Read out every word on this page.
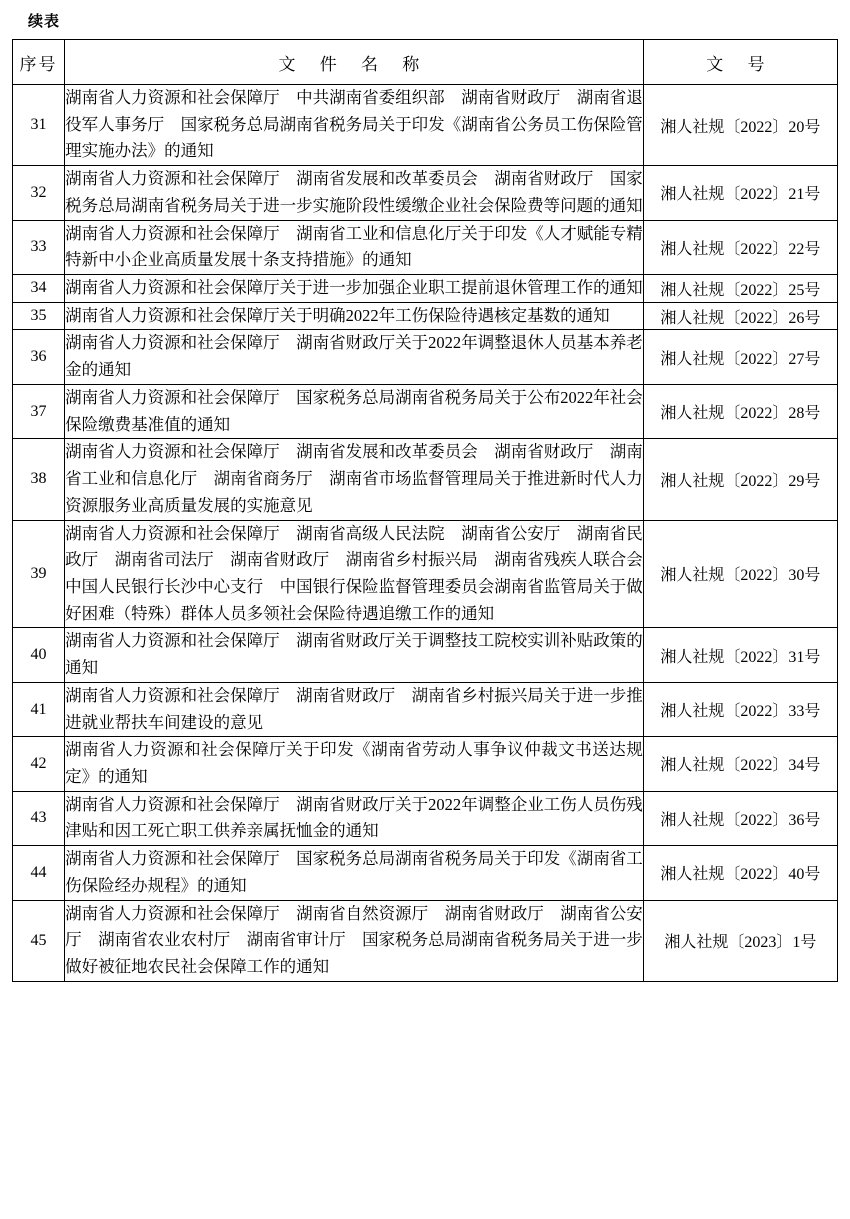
续表
序号	文 件 名 称	文 号
31	湖南省人力资源和社会保障厅　中共湖南省委组织部　湖南省财政厅　湖南省退役军人事务厅　国家税务总局湖南省税务局关于印发《湖南省公务员工伤保险管理实施办法》的通知	湘人社规〔2022〕20号
32	湖南省人力资源和社会保障厅　湖南省发展和改革委员会　湖南省财政厅　国家税务总局湖南省税务局关于进一步实施阶段性缓缴企业社会保险费等问题的通知	湘人社规〔2022〕21号
33	湖南省人力资源和社会保障厅　湖南省工业和信息化厅关于印发《人才赋能专精特新中小企业高质量发展十条支持措施》的通知	湘人社规〔2022〕22号
34	湖南省人力资源和社会保障厅关于进一步加强企业职工提前退休管理工作的通知	湘人社规〔2022〕25号
35	湖南省人力资源和社会保障厅关于明确2022年工伤保险待遇核定基数的通知	湘人社规〔2022〕26号
36	湖南省人力资源和社会保障厅　湖南省财政厅关于2022年调整退休人员基本养老金的通知	湘人社规〔2022〕27号
37	湖南省人力资源和社会保障厅　国家税务总局湖南省税务局关于公布2022年社会保险缴费基准值的通知	湘人社规〔2022〕28号
38	湖南省人力资源和社会保障厅　湖南省发展和改革委员会　湖南省财政厅　湖南省工业和信息化厅　湖南省商务厅　湖南省市场监督管理局关于推进新时代人力资源服务业高质量发展的实施意见	湘人社规〔2022〕29号
39	湖南省人力资源和社会保障厅　湖南省高级人民法院　湖南省公安厅　湖南省民政厅　湖南省司法厅　湖南省财政厅　湖南省乡村振兴局　湖南省残疾人联合会　中国人民银行长沙中心支行　中国银行保险监督管理委员会湖南省监管局关于做好困难（特殊）群体人员多领社会保险待遇追缴工作的通知	湘人社规〔2022〕30号
40	湖南省人力资源和社会保障厅　湖南省财政厅关于调整技工院校实训补贴政策的通知	湘人社规〔2022〕31号
41	湖南省人力资源和社会保障厅　湖南省财政厅　湖南省乡村振兴局关于进一步推进就业帮扶车间建设的意见	湘人社规〔2022〕33号
42	湖南省人力资源和社会保障厅关于印发《湖南省劳动人事争议仲裁文书送达规定》的通知	湘人社规〔2022〕34号
43	湖南省人力资源和社会保障厅　湖南省财政厅关于2022年调整企业工伤人员伤残津贴和因工死亡职工供养亲属抚恤金的通知	湘人社规〔2022〕36号
44	湖南省人力资源和社会保障厅　国家税务总局湖南省税务局关于印发《湖南省工伤保险经办规程》的通知	湘人社规〔2022〕40号
45	湖南省人力资源和社会保障厅　湖南省自然资源厅　湖南省财政厅　湖南省公安厅　湖南省农业农村厅　湖南省审计厅　国家税务总局湖南省税务局关于进一步做好被征地农民社会保障工作的通知	湘人社规〔2023〕1号
